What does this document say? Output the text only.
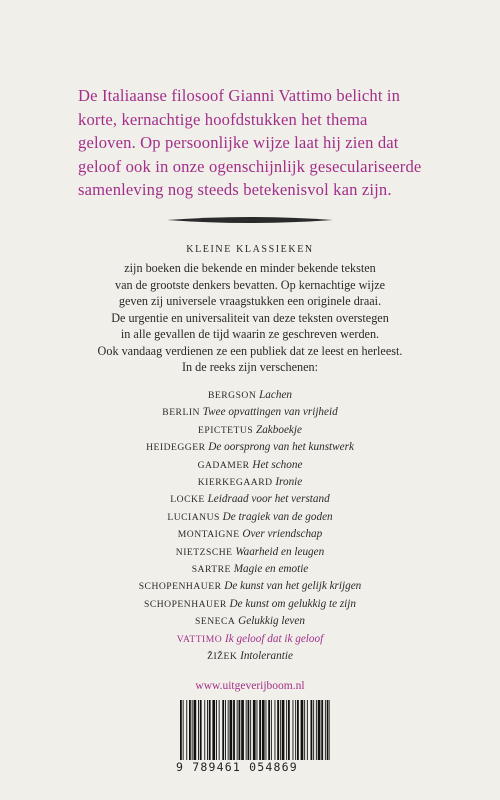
De Italiaanse filosoof Gianni Vattimo belicht in
korte, kernachtige hoofdstukken het thema
geloven. Op persoonlijke wijze laat hij zien dat
geloof ook in onze ogenschijnlijk geseculariseerde
samenleving nog steeds betekenisvol kan zijn.
KLEINE KLASSIEKEN
zijn boeken die bekende en minder bekende teksten
van de grootste denkers bevatten. Op kernachtige wijze
geven zij universele vraagstukken een originele draai.
De urgentie en universaliteit van deze teksten overstegen
in alle gevallen de tijd waarin ze geschreven werden.
Ook vandaag verdienen ze een publiek dat ze leest en herleest.
In de reeks zijn verschenen:
BERGSON Lachen
BERLIN Twee opvattingen van vrijheid
EPICTETUS Zakboekje
HEIDEGGER De oorsprong van het kunstwerk
GADAMER Het schone
KIERKEGAARD Ironie
LOCKE Leidraad voor het verstand
LUCIANUS De tragiek van de goden
MONTAIGNE Over vriendschap
NIETZSCHE Waarheid en leugen
SARTRE Magie en emotie
SCHOPENHAUER De kunst van het gelijk krijgen
SCHOPENHAUER De kunst om gelukkig te zijn
SENECA Gelukkig leven
VATTIMO Ik geloof dat ik geloof
ŽIŽEK Intolerantie
www.uitgeverijboom.nl
9 789461 054869
